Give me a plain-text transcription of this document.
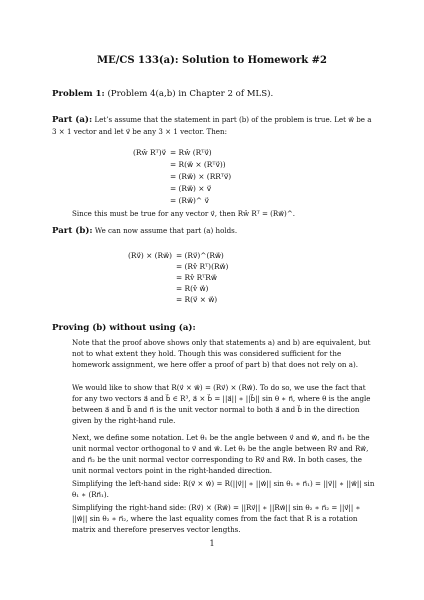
ME/CS 133(a): Solution to Homework #2
Problem 1: (Problem 4(a,b) in Chapter 2 of MLS).
Part (a): Let’s assume that the statement in part (b) of the problem is true. Let w⃗ be a 3 × 1 vector and let v⃗ be any 3 × 1 vector. Then:
(Rŵ Rᵀ)v⃗ = Rŵ (Rᵀv⃗)
= R(w⃗ × (Rᵀv⃗))
= (Rw⃗) × (RRᵀv⃗)
= (Rw⃗) × v⃗
= (Rw⃗)^ v⃗
Since this must be true for any vector v⃗, then Rŵ Rᵀ = (Rw⃗)^.
Part (b): We can now assume that part (a) holds.
(Rv⃗) × (Rw⃗) = (Rv⃗)^(Rw⃗)
= (Rv̂ Rᵀ)(Rw⃗)
= Rv̂ RᵀRw⃗
= R(v̂ w⃗)
= R(v⃗ × w⃗)
Proving (b) without using (a):
Note that the proof above shows only that statements a) and b) are equivalent, but not to what extent they hold. Though this was considered sufficient for the homework assignment, we here offer a proof of part b) that does not rely on a).
We would like to show that R(v⃗ × w⃗) = (Rv⃗) × (Rw⃗). To do so, we use the fact that for any two vectors a⃗ and b⃗ ∈ R³, a⃗ × b⃗ = ||a⃗|| ∗ ||b⃗|| sin θ ∗ n⃗, where θ is the angle between a⃗ and b⃗ and n⃗ is the unit vector normal to both a⃗ and b⃗ in the direction given by the right-hand rule.
Next, we define some notation. Let θ₁ be the angle between v⃗ and w⃗, and n⃗₁ be the unit normal vector orthogonal to v⃗ and w⃗. Let θ₂ be the angle between Rv⃗ and Rw⃗, and n⃗₂ be the unit normal vector corresponding to Rv⃗ and Rw⃗. In both cases, the unit normal vectors point in the right-handed direction.
Simplifying the left-hand side: R(v⃗ × w⃗) = R(||v⃗|| ∗ ||w⃗|| sin θ₁ ∗ n⃗₁) = ||v⃗|| ∗ ||w⃗|| sin θ₁ ∗ (Rn⃗₁).
Simplifying the right-hand side: (Rv⃗) × (Rw⃗) = ||Rv⃗|| ∗ ||Rw⃗|| sin θ₂ ∗ n⃗₂ = ||v⃗|| ∗ ||w⃗|| sin θ₂ ∗ n⃗₂, where the last equality comes from the fact that R is a rotation matrix and therefore preserves vector lengths.
1
